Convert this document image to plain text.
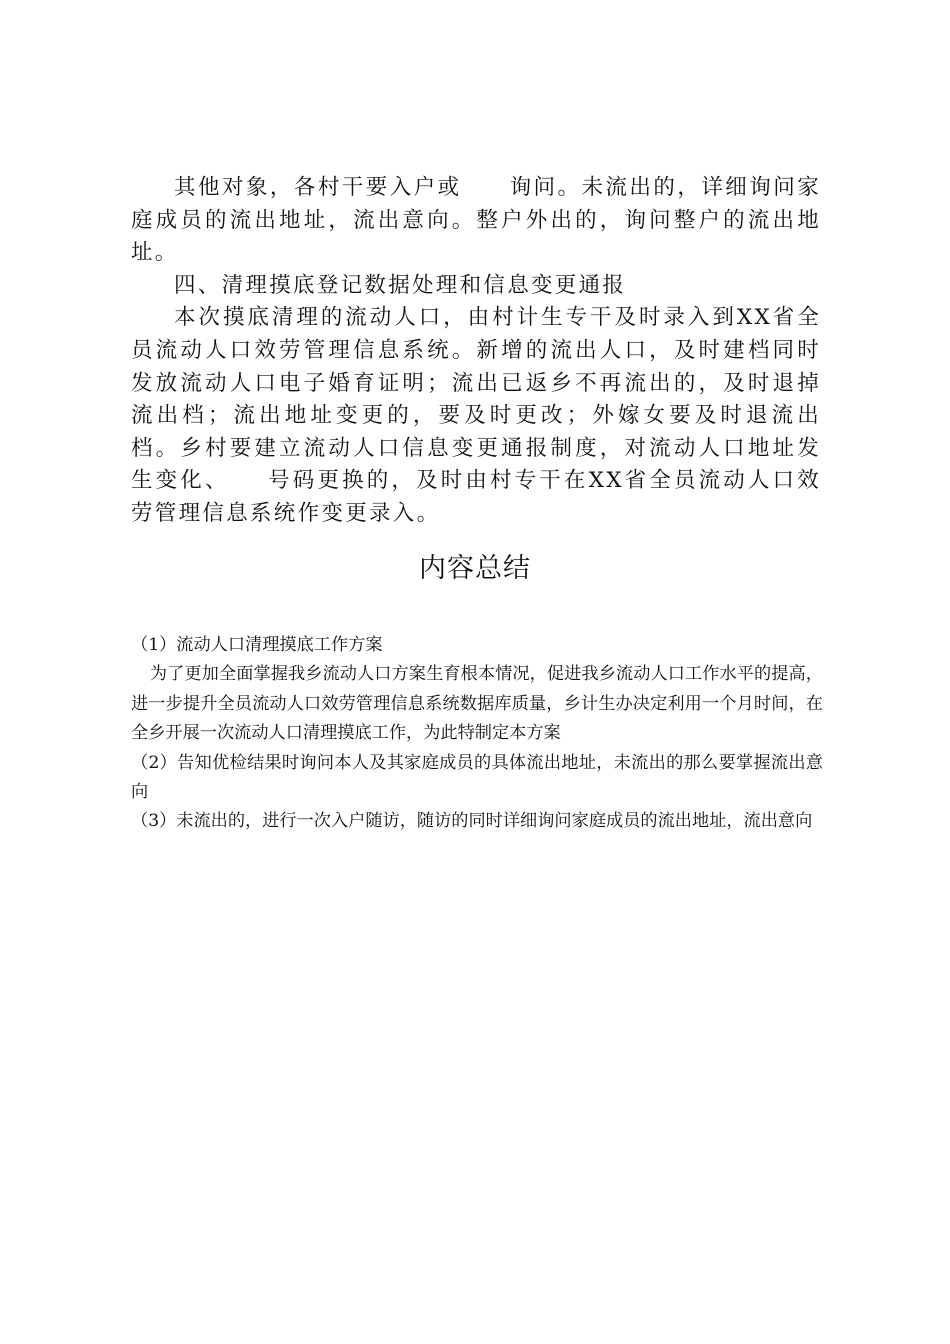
其他对象，各村干要入户或　　询问。未流出的，详细询问家庭成员的流出地址，流出意向。整户外出的，询问整户的流出地址。

四、清理摸底登记数据处理和信息变更通报

本次摸底清理的流动人口，由村计生专干及时录入到XX省全员流动人口效劳管理信息系统。新增的流出人口，及时建档同时发放流动人口电子婚育证明；流出已返乡不再流出的，及时退掉流出档；流出地址变更的，要及时更改；外嫁女要及时退流出档。乡村要建立流动人口信息变更通报制度，对流动人口地址发生变化、　　号码更换的，及时由村专干在XX省全员流动人口效劳管理信息系统作变更录入。

内容总结

（1）流动人口清理摸底工作方案

为了更加全面掌握我乡流动人口方案生育根本情况，促进我乡流动人口工作水平的提高，进一步提升全员流动人口效劳管理信息系统数据库质量，乡计生办决定利用一个月时间，在全乡开展一次流动人口清理摸底工作，为此特制定本方案

（2）告知优检结果时询问本人及其家庭成员的具体流出地址，未流出的那么要掌握流出意向

（3）未流出的，进行一次入户随访，随访的同时详细询问家庭成员的流出地址，流出意向
